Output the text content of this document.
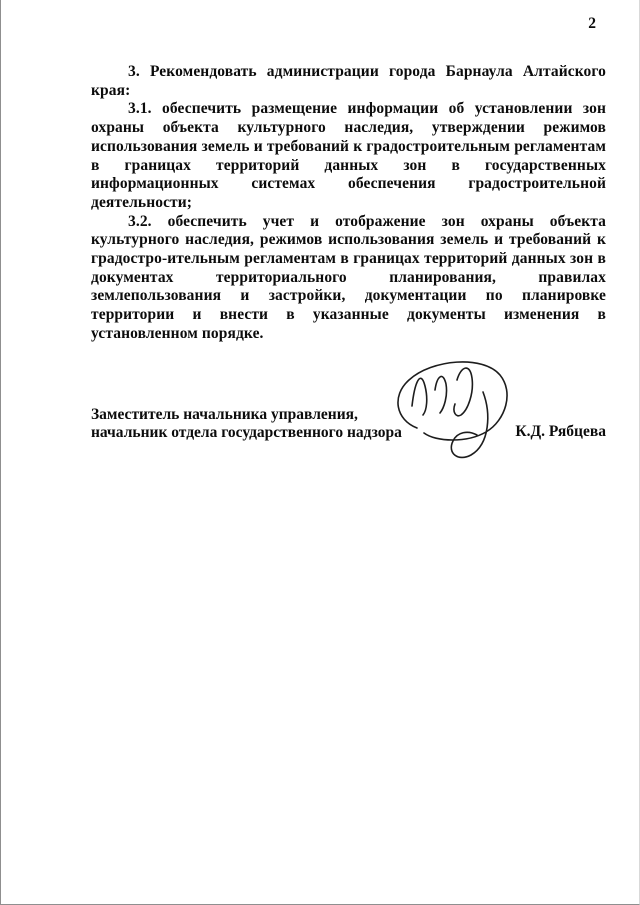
2

3. Рекомендовать администрации города Барнаула Алтайского края:

3.1. обеспечить размещение информации об установлении зон охраны объекта культурного наследия, утверждении режимов использования земель и требований к градостроительным регламентам в границах территорий данных зон в государственных информационных системах обеспечения градостроительной деятельности;

3.2. обеспечить учет и отображение зон охраны объекта культурного наследия, режимов использования земель и требований к градостро-ительным регламентам в границах территорий данных зон в документах территориального планирования, правилах землепользования и застройки, документации по планировке территории и внести в указанные документы изменения в установленном порядке.

Заместитель начальника управления,
начальник отдела государственного надзора	К.Д. Рябцева
